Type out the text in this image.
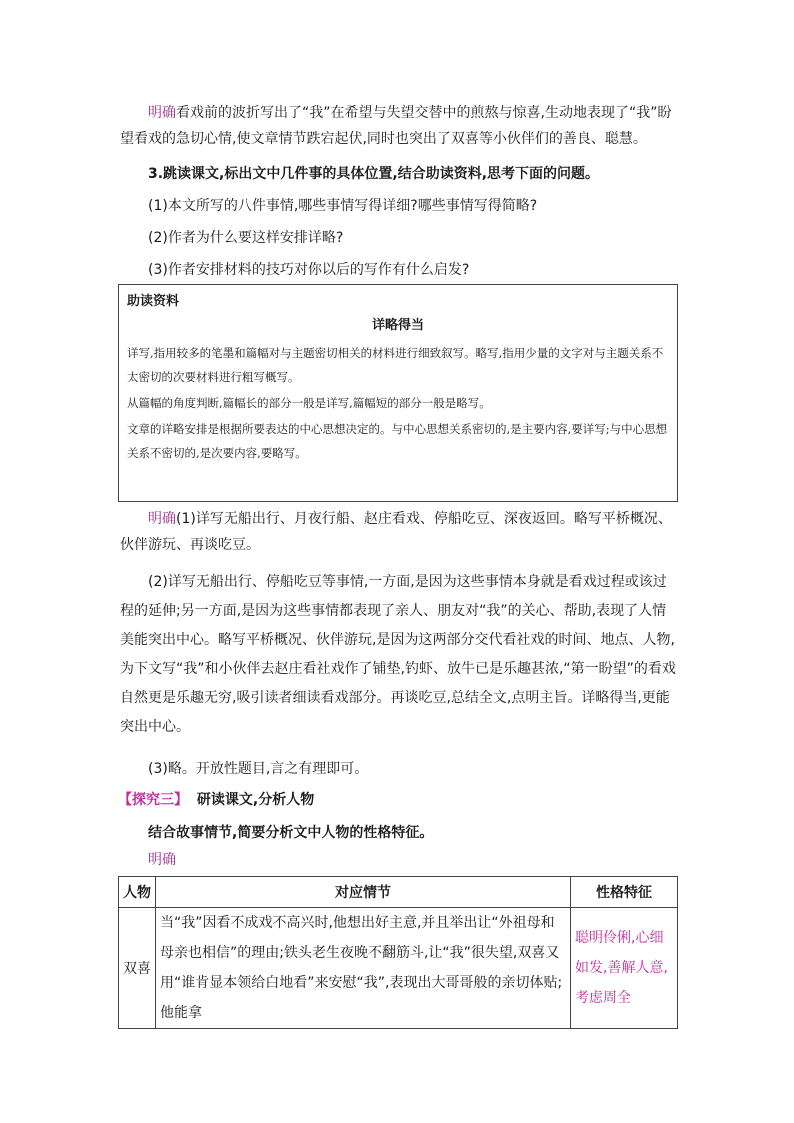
明确看戏前的波折写出了“我”在希望与失望交替中的煎熬与惊喜,生动地表现了“我”盼望看戏的急切心情,使文章情节跌宕起伏,同时也突出了双喜等小伙伴们的善良、聪慧。

3.跳读课文,标出文中几件事的具体位置,结合助读资料,思考下面的问题。

(1)本文所写的八件事情,哪些事情写得详细?哪些事情写得简略?

(2)作者为什么要这样安排详略?

(3)作者安排材料的技巧对你以后的写作有什么启发?

助读资料
详略得当

详写,指用较多的笔墨和篇幅对与主题密切相关的材料进行细致叙写。略写,指用少量的文字对与主题关系不太密切的次要材料进行粗写概写。

从篇幅的角度判断,篇幅长的部分一般是详写,篇幅短的部分一般是略写。

文章的详略安排是根据所要表达的中心思想决定的。与中心思想关系密切的,是主要内容,要详写;与中心思想关系不密切的,是次要内容,要略写。

明确(1)详写无船出行、月夜行船、赵庄看戏、停船吃豆、深夜返回。略写平桥概况、伙伴游玩、再谈吃豆。

(2)详写无船出行、停船吃豆等事情,一方面,是因为这些事情本身就是看戏过程或该过程的延伸;另一方面,是因为这些事情都表现了亲人、朋友对“我”的关心、帮助,表现了人情美能突出中心。略写平桥概况、伙伴游玩,是因为这两部分交代看社戏的时间、地点、人物,为下文写“我”和小伙伴去赵庄看社戏作了铺垫,钓虾、放牛已是乐趣甚浓,“第一盼望”的看戏自然更是乐趣无穷,吸引读者细读看戏部分。再谈吃豆,总结全文,点明主旨。详略得当,更能突出中心。

(3)略。开放性题目,言之有理即可。

【探究三】 研读课文,分析人物

结合故事情节,简要分析文中人物的性格特征。

明确

人物	对应情节	性格特征
双喜	当“我”因看不成戏不高兴时,他想出好主意,并且举出让“外祖母和母亲也相信”的理由;铁头老生夜晚不翻筋斗,让“我”很失望,双喜又用“谁肯显本领给白地看”来安慰“我”,表现出大哥哥般的亲切体贴;他能拿	聪明伶俐,心细如发,善解人意,考虑周全
